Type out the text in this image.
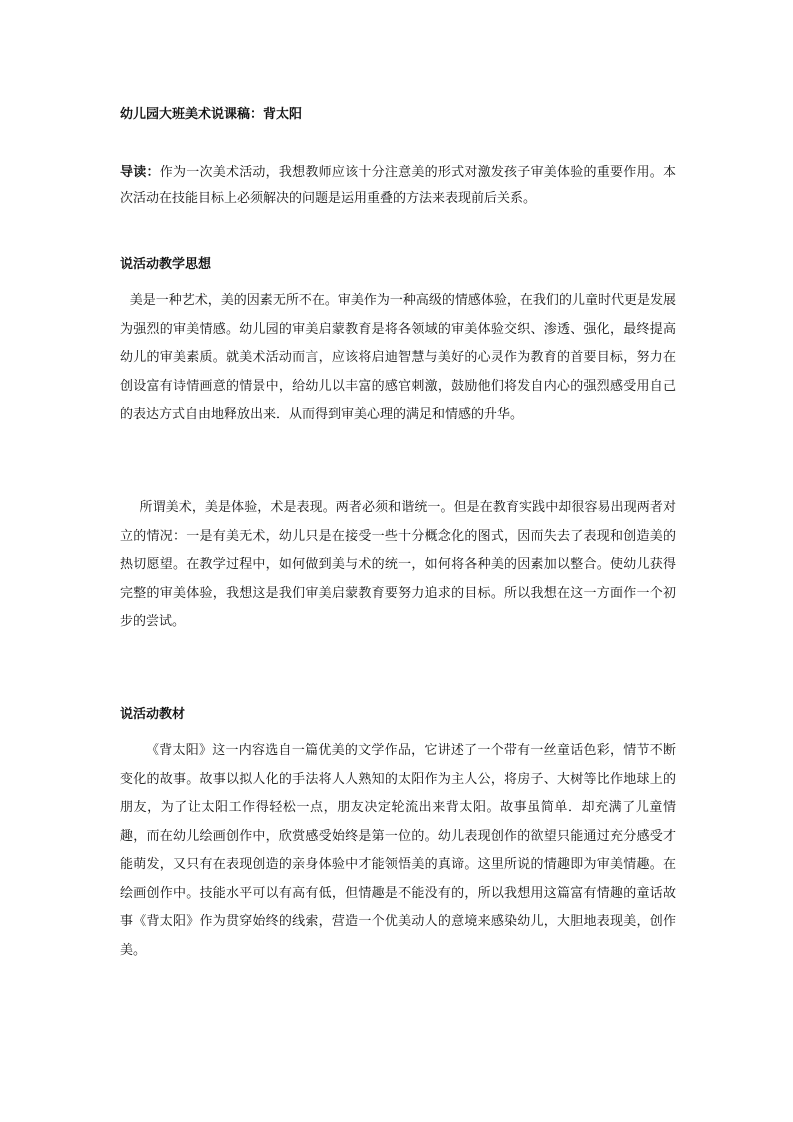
幼儿园大班美术说课稿：背太阳
导读：作为一次美术活动，我想教师应该十分注意美的形式对激发孩子审美体验的重要作用。本次活动在技能目标上必须解决的问题是运用重叠的方法来表现前后关系。
说活动教学思想

美是一种艺术，美的因素无所不在。审美作为一种高级的情感体验，在我们的儿童时代更是发展为强烈的审美情感。幼儿园的审美启蒙教育是将各领域的审美体验交织、渗透、强化，最终提高幼儿的审美素质。就美术活动而言，应该将启迪智慧与美好的心灵作为教育的首要目标，努力在创设富有诗情画意的情景中，给幼儿以丰富的感官刺激，鼓励他们将发自内心的强烈感受用自己的表达方式自由地释放出来．从而得到审美心理的满足和情感的升华。

所谓美术，美是体验，术是表现。两者必须和谐统一。但是在教育实践中却很容易出现两者对立的情况：一是有美无术，幼儿只是在接受一些十分概念化的图式，因而失去了表现和创造美的热切愿望。在教学过程中，如何做到美与术的统一，如何将各种美的因素加以整合。使幼儿获得完整的审美体验，我想这是我们审美启蒙教育要努力追求的目标。所以我想在这一方面作一个初步的尝试。

说活动教材

《背太阳》这一内容选自一篇优美的文学作品，它讲述了一个带有一丝童话色彩，情节不断变化的故事。故事以拟人化的手法将人人熟知的太阳作为主人公，将房子、大树等比作地球上的朋友，为了让太阳工作得轻松一点，朋友决定轮流出来背太阳。故事虽简单．却充满了儿童情趣，而在幼儿绘画创作中，欣赏感受始终是第一位的。幼儿表现创作的欲望只能通过充分感受才能萌发，又只有在表现创造的亲身体验中才能领悟美的真谛。这里所说的情趣即为审美情趣。在绘画创作中。技能水平可以有高有低，但情趣是不能没有的，所以我想用这篇富有情趣的童话故事《背太阳》作为贯穿始终的线索，营造一个优美动人的意境来感染幼儿，大胆地表现美，创作美。
